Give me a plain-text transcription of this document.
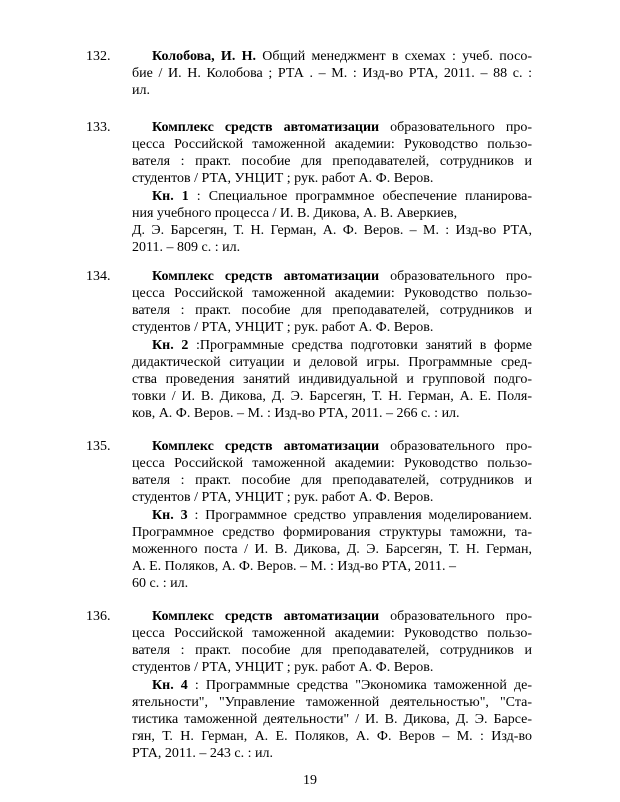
132.	Колобова, И. Н. Общий менеджмент в схемах : учеб. посо-
бие / И. Н. Колобова ; РТА . – М. : Изд-во РТА, 2011. – 88 с. :
ил.
133.	Комплекс средств автоматизации образовательного про-
цесса Российской таможенной академии: Руководство пользо-
вателя : практ. пособие для преподавателей, сотрудников и
студентов / РТА, УНЦИТ ; рук. работ А. Ф. Веров.
Кн. 1 : Специальное программное обеспечение планирова-
ния учебного процесса / И. В. Дикова, А. В. Аверкиев,
Д. Э. Барсегян, Т. Н. Герман, А. Ф. Веров. – М. : Изд-во РТА,
2011. – 809 с. : ил.
134.	Комплекс средств автоматизации образовательного про-
цесса Российской таможенной академии: Руководство пользо-
вателя : практ. пособие для преподавателей, сотрудников и
студентов / РТА, УНЦИТ ; рук. работ А. Ф. Веров.
Кн. 2 :Программные средства подготовки занятий в форме
дидактической ситуации и деловой игры. Программные сред-
ства проведения занятий индивидуальной и групповой подго-
товки / И. В. Дикова, Д. Э. Барсегян, Т. Н. Герман, А. Е. Поля-
ков, А. Ф. Веров. – М. : Изд-во РТА, 2011. – 266 с. : ил.
135.	Комплекс средств автоматизации образовательного про-
цесса Российской таможенной академии: Руководство пользо-
вателя : практ. пособие для преподавателей, сотрудников и
студентов / РТА, УНЦИТ ; рук. работ А. Ф. Веров.
Кн. 3 : Программное средство управления моделированием.
Программное средство формирования структуры таможни, та-
моженного поста / И. В. Дикова, Д. Э. Барсегян, Т. Н. Герман,
А. Е. Поляков, А. Ф. Веров. – М. : Изд-во РТА, 2011. –
60 с. : ил.
136.	Комплекс средств автоматизации образовательного про-
цесса Российской таможенной академии: Руководство пользо-
вателя : практ. пособие для преподавателей, сотрудников и
студентов / РТА, УНЦИТ ; рук. работ А. Ф. Веров.
Кн. 4 : Программные средства "Экономика таможенной де-
ятельности", "Управление таможенной деятельностью", "Ста-
тистика таможенной деятельности" / И. В. Дикова, Д. Э. Барсе-
гян, Т. Н. Герман, А. Е. Поляков, А. Ф. Веров – М. : Изд-во
РТА, 2011. – 243 с. : ил.
19
